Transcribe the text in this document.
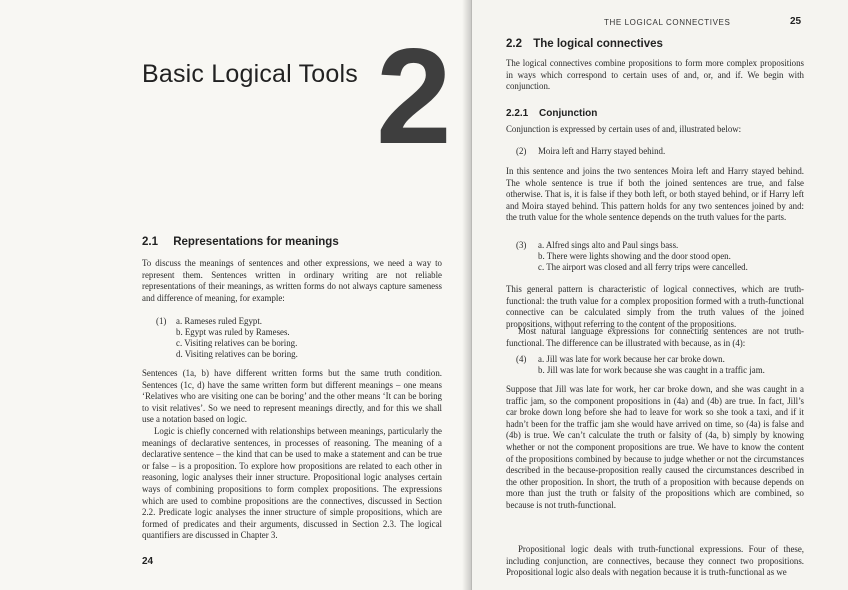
Basic Logical Tools 2
2.1 Representations for meanings

To discuss the meanings of sentences and other expressions, we need a way to represent them. Sentences written in ordinary writing are not reliable representations of their meanings, as written forms do not always capture sameness and difference of meaning, for example:

(1) a. Rameses ruled Egypt.
b. Egypt was ruled by Rameses.
c. Visiting relatives can be boring.
d. Visiting relatives can be boring.

Sentences (1a, b) have different written forms but the same truth condition. Sentences (1c, d) have the same written form but different meanings – one means ‘Relatives who are visiting one can be boring’ and the other means ‘It can be boring to visit relatives’. So we need to represent meanings directly, and for this we shall use a notation based on logic.

Logic is chiefly concerned with relationships between meanings, particularly the meanings of declarative sentences, in processes of reasoning. The meaning of a declarative sentence – the kind that can be used to make a statement and can be true or false – is a proposition. To explore how propositions are related to each other in reasoning, logic analyses their inner structure. Propositional logic analyses certain ways of combining propositions to form complex propositions. The expressions which are used to combine propositions are the connectives, discussed in Section 2.2. Predicate logic analyses the inner structure of simple propositions, which are formed of predicates and their arguments, discussed in Section 2.3. The logical quantifiers are discussed in Chapter 3.

24
THE LOGICAL CONNECTIVES	25
2.2 The logical connectives

The logical connectives combine propositions to form more complex propositions in ways which correspond to certain uses of and, or, and if. We begin with conjunction.

2.2.1 Conjunction

Conjunction is expressed by certain uses of and, illustrated below:

(2) Moira left and Harry stayed behind.

In this sentence and joins the two sentences Moira left and Harry stayed behind. The whole sentence is true if both the joined sentences are true, and false otherwise. That is, it is false if they both left, or both stayed behind, or if Harry left and Moira stayed behind. This pattern holds for any two sentences joined by and: the truth value for the whole sentence depends on the truth values for the parts.

(3) a. Alfred sings alto and Paul sings bass.
b. There were lights showing and the door stood open.
c. The airport was closed and all ferry trips were cancelled.

This general pattern is characteristic of logical connectives, which are truth-functional: the truth value for a complex proposition formed with a truth-functional connective can be calculated simply from the truth values of the joined propositions, without referring to the content of the propositions.

Most natural language expressions for connecting sentences are not truth-functional. The difference can be illustrated with because, as in (4):

(4) a. Jill was late for work because her car broke down.
b. Jill was late for work because she was caught in a traffic jam.

Suppose that Jill was late for work, her car broke down, and she was caught in a traffic jam, so the component propositions in (4a) and (4b) are true. In fact, Jill’s car broke down long before she had to leave for work so she took a taxi, and if it hadn’t been for the traffic jam she would have arrived on time, so (4a) is false and (4b) is true. We can’t calculate the truth or falsity of (4a, b) simply by knowing whether or not the component propositions are true. We have to know the content of the propositions combined by because to judge whether or not the circumstances described in the because-proposition really caused the circumstances described in the other proposition. In short, the truth of a proposition with because depends on more than just the truth or falsity of the propositions which are combined, so because is not truth-functional.

Propositional logic deals with truth-functional expressions. Four of these, including conjunction, are connectives, because they connect two propositions. Propositional logic also deals with negation because it is truth-functional as we
